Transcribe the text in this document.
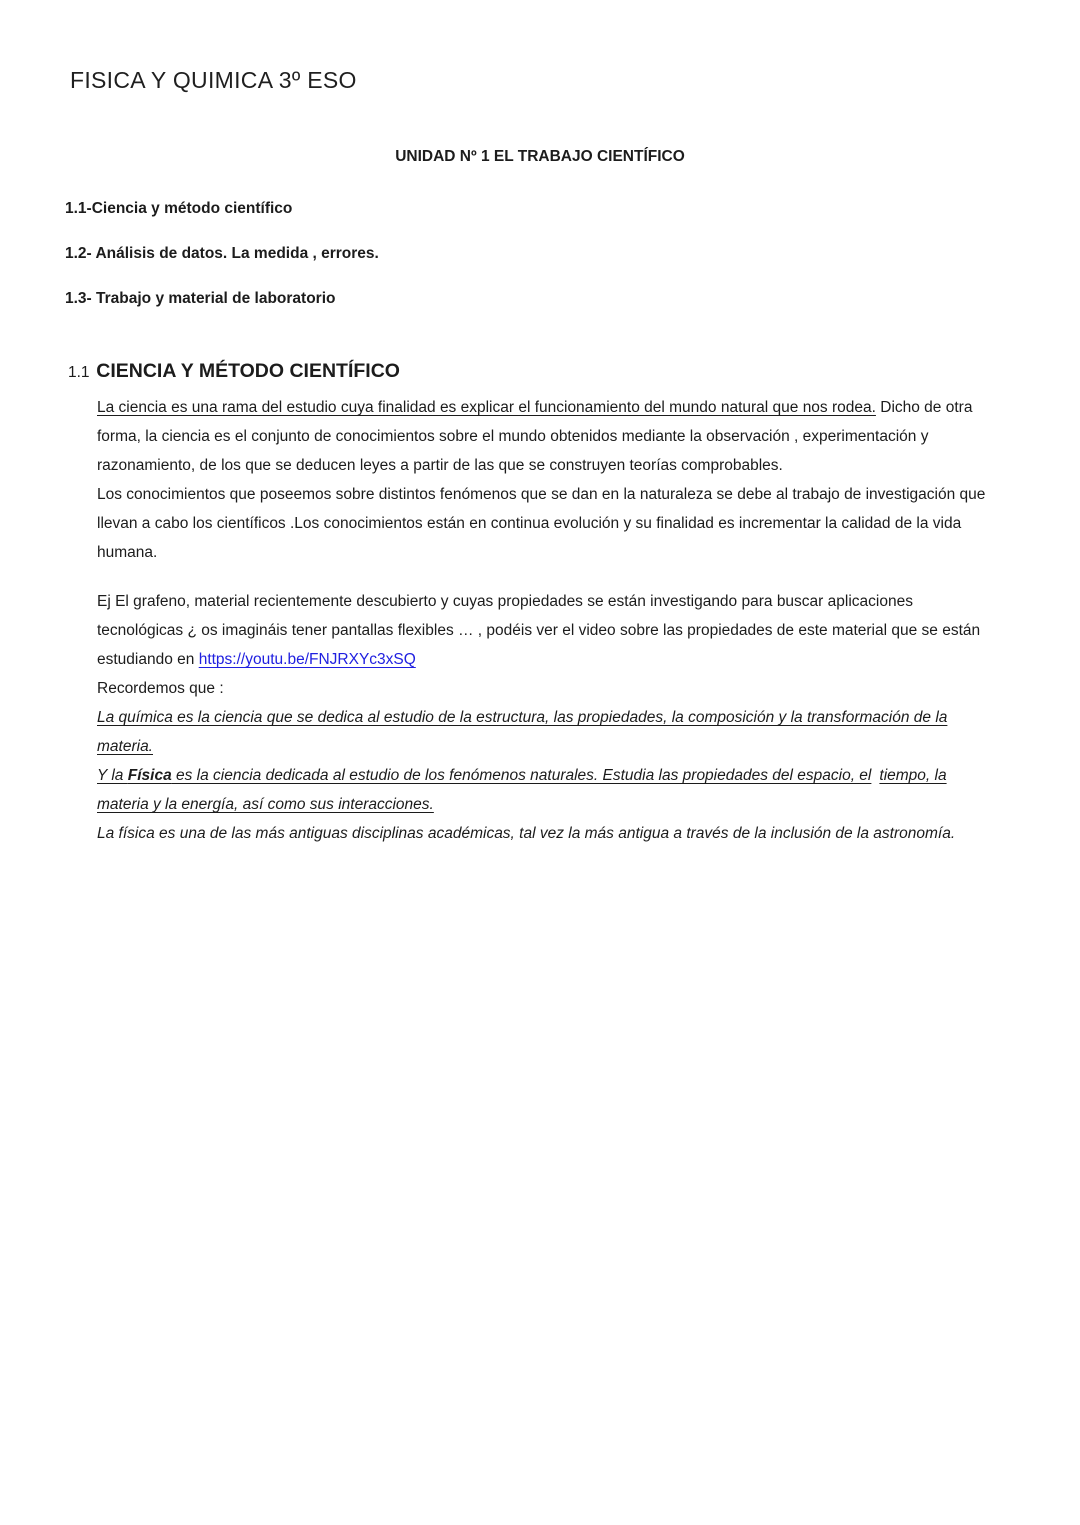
FISICA Y QUIMICA 3º ESO
UNIDAD Nº 1 EL TRABAJO CIENTÍFICO

1.1-Ciencia y método científico

1.2- Análisis de datos. La medida , errores.

1.3- Trabajo y material de laboratorio

1.1 CIENCIA Y MÉTODO CIENTÍFICO

La ciencia es una rama del estudio cuya finalidad es explicar el funcionamiento del mundo natural que nos rodea. Dicho de otra forma, la ciencia es el conjunto de conocimientos sobre el mundo obtenidos mediante la observación , experimentación y razonamiento, de los que se deducen leyes a partir de las que se construyen teorías comprobables.

Los conocimientos que poseemos sobre distintos fenómenos que se dan en la naturaleza se debe al trabajo de investigación que llevan a cabo los científicos .Los conocimientos están en continua evolución y su finalidad es incrementar la calidad de la vida humana.

Ej El grafeno, material recientemente descubierto y cuyas propiedades se están investigando para buscar aplicaciones tecnológicas ¿ os imagináis tener pantallas flexibles … , podéis ver el video sobre las propiedades de este material que se están estudiando en https://youtu.be/FNJRXYc3xSQ

Recordemos que :

La química es la ciencia que se dedica al estudio de la estructura, las propiedades, la composición y la transformación de la materia.

Y la Física es la ciencia dedicada al estudio de los fenómenos naturales. Estudia las propiedades del espacio, el tiempo, la materia y la energía, así como sus interacciones.

La física es una de las más antiguas disciplinas académicas, tal vez la más antigua a través de la inclusión de la astronomía.
